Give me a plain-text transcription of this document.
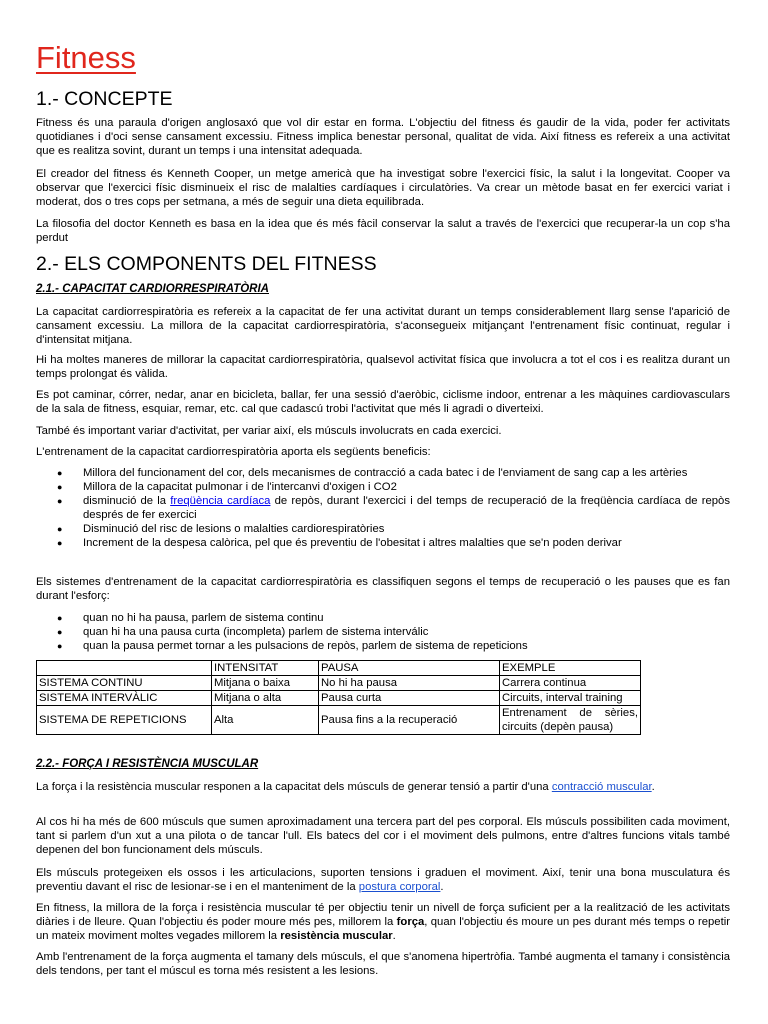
Fitness
1.- CONCEPTE

Fitness és una paraula d'origen anglosaxó que vol dir estar en forma. L'objectiu del fitness és gaudir de la vida, poder fer activitats quotidianes i d'oci sense cansament excessiu. Fitness implica benestar personal, qualitat de vida. Així fitness es refereix a una activitat que es realitza sovint, durant un temps i una intensitat adequada.

El creador del fitness és Kenneth Cooper, un metge americà que ha investigat sobre l'exercici físic, la salut i la longevitat. Cooper va observar que l'exercici físic disminueix el risc de malalties cardíaques i circulatòries. Va crear un mètode basat en fer exercici variat i moderat, dos o tres cops per setmana, a més de seguir una dieta equilibrada.

La filosofia del doctor Kenneth es basa en la idea que és més fàcil conservar la salut a través de l'exercici que recuperar-la un cop s'ha perdut

2.- ELS COMPONENTS DEL FITNESS
2.1.- CAPACITAT CARDIORRESPIRATÒRIA

La capacitat cardiorrespiratòria es refereix a la capacitat de fer una activitat durant un temps considerablement llarg sense l'aparició de cansament excessiu. La millora de la capacitat cardiorrespiratòria, s'aconsegueix mitjançant l'entrenament físic continuat, regular i d'intensitat mitjana.

Hi ha moltes maneres de millorar la capacitat cardiorrespiratòria, qualsevol activitat física que involucra a tot el cos i es realitza durant un temps prolongat és vàlida.

Es pot caminar, córrer, nedar, anar en bicicleta, ballar, fer una sessió d'aeròbic, ciclisme indoor, entrenar a les màquines cardiovasculars de la sala de fitness, esquiar, remar, etc. cal que cadascú trobi l'activitat que més li agradi o diverteixi.

També és important variar d'activitat, per variar així, els músculs involucrats en cada exercici.

L'entrenament de la capacitat cardiorrespiratòria aporta els següents beneficis:

● Millora del funcionament del cor, dels mecanismes de contracció a cada batec i de l'enviament de sang cap a les artèries
● Millora de la capacitat pulmonar i de l'intercanvi d'oxigen i CO2
● disminució de la freqüència cardíaca de repòs, durant l'exercici i del temps de recuperació de la freqüència cardíaca de repòs després de fer exercici
● Disminució del risc de lesions o malalties cardiorespiratòries
● Increment de la despesa calòrica, pel que és preventiu de l'obesitat i altres malalties que se'n poden derivar

Els sistemes d'entrenament de la capacitat cardiorrespiratòria es classifiquen segons el temps de recuperació o les pauses que es fan durant l'esforç:

● quan no hi ha pausa, parlem de sistema continu
● quan hi ha una pausa curta (incompleta) parlem de sistema interválic
● quan la pausa permet tornar a les pulsacions de repòs, parlem de sistema de repeticions
	INTENSITAT	PAUSA	EXEMPLE
SISTEMA CONTINU	Mitjana o baixa	No hi ha pausa	Carrera continua
SISTEMA INTERVÀLIC	Mitjana o alta	Pausa curta	Circuits, interval training
SISTEMA DE REPETICIONS	Alta	Pausa fins a la recuperació	Entrenament de sèries, circuits (depèn pausa)
2.2.- FORÇA I RESISTÈNCIA MUSCULAR

La força i la resistència muscular responen a la capacitat dels músculs de generar tensió a partir d'una contracció muscular.

Al cos hi ha més de 600 músculs que sumen aproximadament una tercera part del pes corporal. Els músculs possibiliten cada moviment, tant si parlem d'un xut a una pilota o de tancar l'ull. Els batecs del cor i el moviment dels pulmons, entre d'altres funcions vitals també depenen del bon funcionament dels músculs.

Els músculs protegeixen els ossos i les articulacions, suporten tensions i graduen el moviment. Així, tenir una bona musculatura és preventiu davant el risc de lesionar-se i en el manteniment de la postura corporal.

En fitness, la millora de la força i resistència muscular té per objectiu tenir un nivell de força suficient per a la realització de les activitats diàries i de lleure. Quan l'objectiu és poder moure més pes, millorem la força, quan l'objectiu és moure un pes durant més temps o repetir un mateix moviment moltes vegades millorem la resistència muscular.

Amb l'entrenament de la força augmenta el tamany dels músculs, el que s'anomena hipertròfia. També augmenta el tamany i consistència dels tendons, per tant el múscul es torna més resistent a les lesions.
